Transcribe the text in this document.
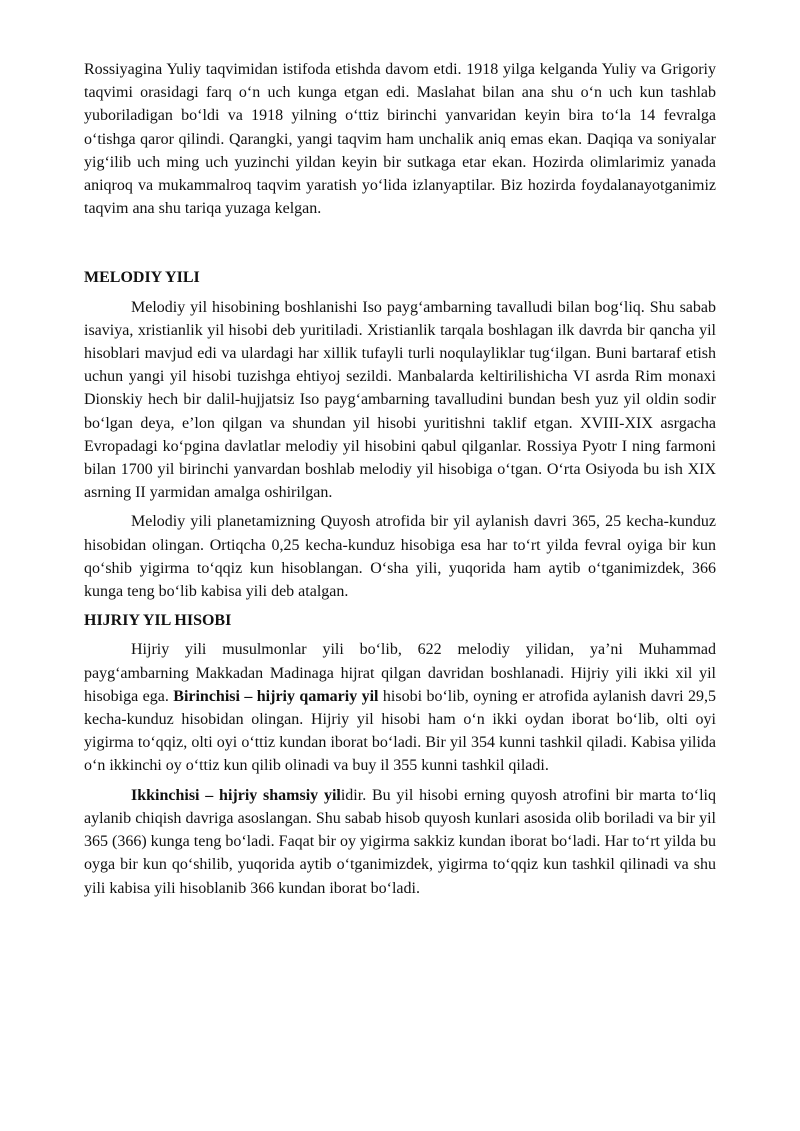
Rossiyagina Yuliy taqvimidan istifoda etishda davom etdi. 1918 yilga kelganda Yuliy va Grigoriy taqvimi orasidagi farq o‘n uch kunga etgan edi. Maslahat bilan ana shu o‘n uch kun tashlab yuboriladigan bo‘ldi va 1918 yilning o‘ttiz birinchi yanvaridan keyin bira to‘la 14 fevralga o‘tishga qaror qilindi. Qarangki, yangi taqvim ham unchalik aniq emas ekan. Daqiqa va soniyalar yig‘ilib uch ming uch yuzinchi yildan keyin bir sutkaga etar ekan. Hozirda olimlarimiz yanada aniqroq va mukammalroq taqvim yaratish yo‘lida izlanyaptilar. Biz hozirda foydalanayotganimiz taqvim ana shu tariqa yuzaga kelgan.

MELODIY YILI

Melodiy yil hisobining boshlanishi Iso payg‘ambarning tavalludi bilan bog‘liq. Shu sabab isaviya, xristianlik yil hisobi deb yuritiladi. Xristianlik tarqala boshlagan ilk davrda bir qancha yil hisoblari mavjud edi va ulardagi har xillik tufayli turli noqulayliklar tug‘ilgan. Buni bartaraf etish uchun yangi yil hisobi tuzishga ehtiyoj sezildi. Manbalarda keltirilishicha VI asrda Rim monaxi Dionskiy hech bir dalil-hujjatsiz Iso payg‘ambarning tavalludini bundan besh yuz yil oldin sodir bo‘lgan deya, e’lon qilgan va shundan yil hisobi yuritishni taklif etgan. XVIII-XIX asrgacha Evropadagi ko‘pgina davlatlar melodiy yil hisobini qabul qilganlar. Rossiya Pyotr I ning farmoni bilan 1700 yil birinchi yanvardan boshlab melodiy yil hisobiga o‘tgan. O‘rta Osiyoda bu ish XIX asrning II yarmidan amalga oshirilgan.

Melodiy yili planetamizning Quyosh atrofida bir yil aylanish davri 365, 25 kecha-kunduz hisobidan olingan. Ortiqcha 0,25 kecha-kunduz hisobiga esa har to‘rt yilda fevral oyiga bir kun qo‘shib yigirma to‘qqiz kun hisoblangan. O‘sha yili, yuqorida ham aytib o‘tganimizdek, 366 kunga teng bo‘lib kabisa yili deb atalgan.

HIJRIY YIL HISOBI

Hijriy yili musulmonlar yili bo‘lib, 622 melodiy yilidan, ya’ni Muhammad payg‘ambarning Makkadan Madinaga hijrat qilgan davridan boshlanadi. Hijriy yili ikki xil yil hisobiga ega. Birinchisi – hijriy qamariy yil hisobi bo‘lib, oyning er atrofida aylanish davri 29,5 kecha-kunduz hisobidan olingan. Hijriy yil hisobi ham o‘n ikki oydan iborat bo‘lib, olti oyi yigirma to‘qqiz, olti oyi o‘ttiz kundan iborat bo‘ladi. Bir yil 354 kunni tashkil qiladi. Kabisa yilida o‘n ikkinchi oy o‘ttiz kun qilib olinadi va buy il 355 kunni tashkil qiladi.

Ikkinchisi – hijriy shamsiy yilidir. Bu yil hisobi erning quyosh atrofini bir marta to‘liq aylanib chiqish davriga asoslangan. Shu sabab hisob quyosh kunlari asosida olib boriladi va bir yil 365 (366) kunga teng bo‘ladi. Faqat bir oy yigirma sakkiz kundan iborat bo‘ladi. Har to‘rt yilda bu oyga bir kun qo‘shilib, yuqorida aytib o‘tganimizdek, yigirma to‘qqiz kun tashkil qilinadi va shu yili kabisa yili hisoblanib 366 kundan iborat bo‘ladi.
